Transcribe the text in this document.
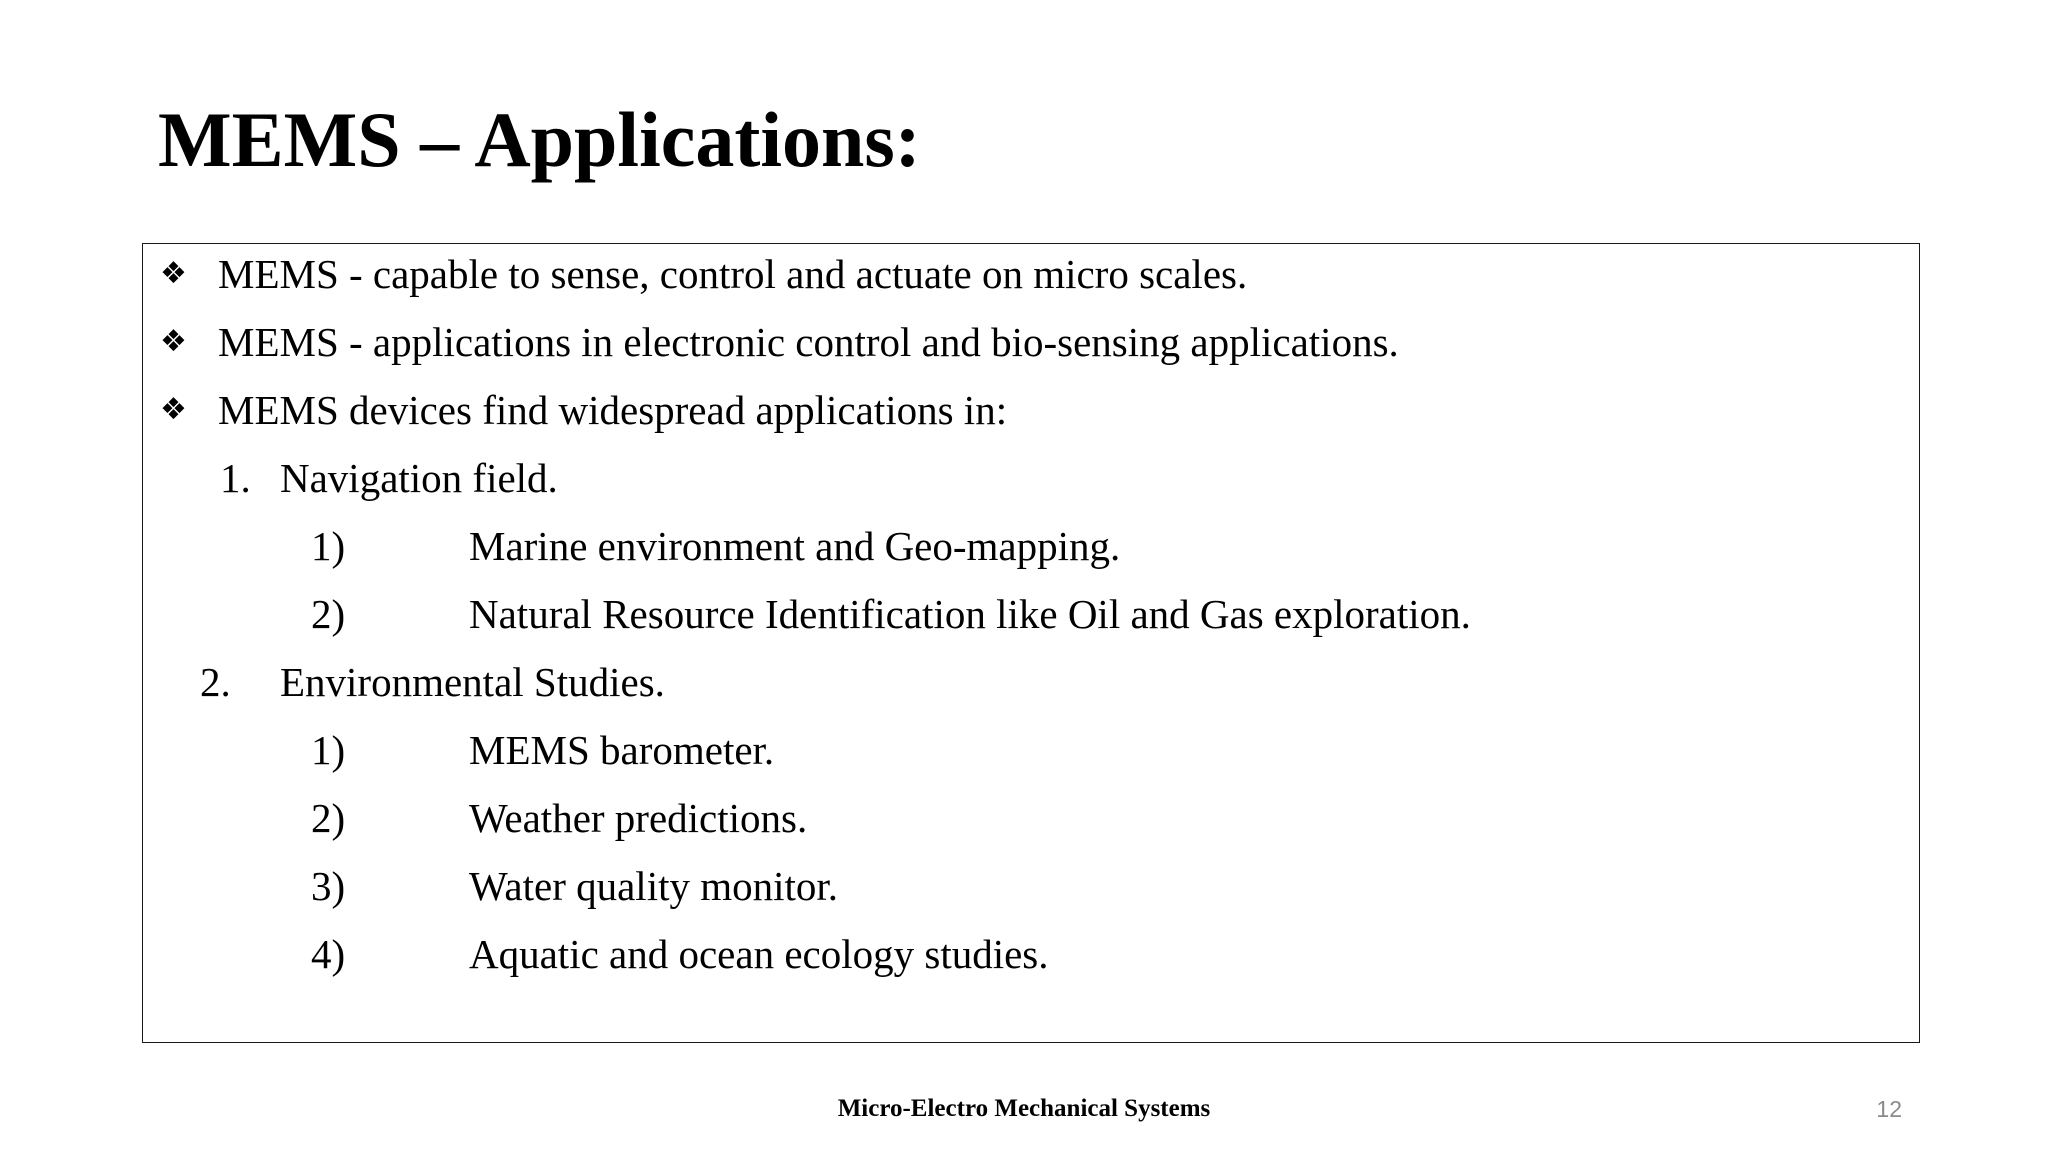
MEMS – Applications:
❖ MEMS - capable to sense, control and actuate on micro scales.
❖ MEMS - applications in electronic control and bio-sensing applications.
❖ MEMS devices find widespread applications in:
1. Navigation field.
1)	Marine environment and Geo-mapping.
2)	Natural Resource Identification like Oil and Gas exploration.
2. Environmental Studies.
1)	MEMS barometer.
2)	Weather predictions.
3)	Water quality monitor.
4)	Aquatic and ocean ecology studies.
Micro-Electro Mechanical Systems	12
